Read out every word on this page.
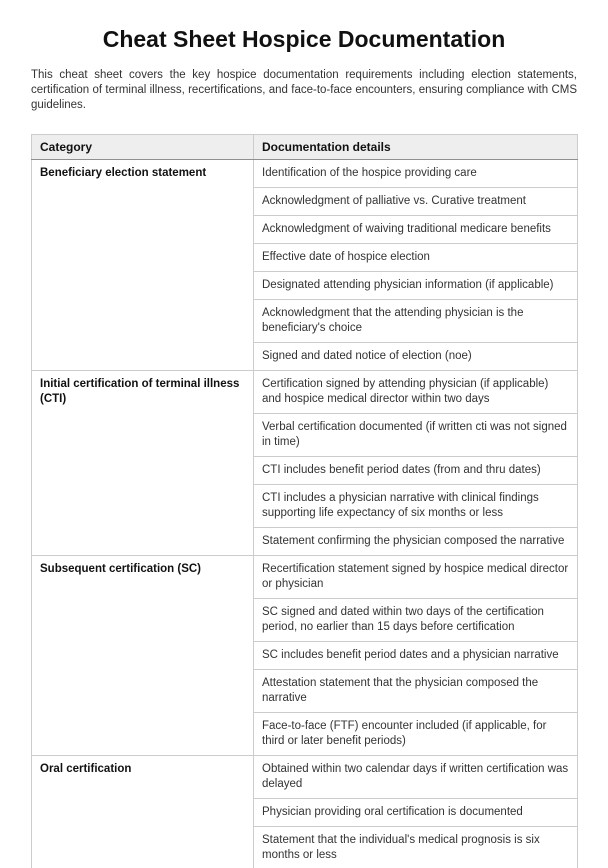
Cheat Sheet Hospice Documentation

This cheat sheet covers the key hospice documentation requirements including election statements, certification of terminal illness, recertifications, and face-to-face encounters, ensuring compliance with CMS guidelines.

Category	Documentation details
Beneficiary election statement	Identification of the hospice providing care
	Acknowledgment of palliative vs. Curative treatment
	Acknowledgment of waiving traditional medicare benefits
	Effective date of hospice election
	Designated attending physician information (if applicable)
	Acknowledgment that the attending physician is the beneficiary's choice
	Signed and dated notice of election (noe)
Initial certification of terminal illness (CTI)	Certification signed by attending physician (if applicable) and hospice medical director within two days
	Verbal certification documented (if written cti was not signed in time)
	CTI includes benefit period dates (from and thru dates)
	CTI includes a physician narrative with clinical findings supporting life expectancy of six months or less
	Statement confirming the physician composed the narrative
Subsequent certification (SC)	Recertification statement signed by hospice medical director or physician
	SC signed and dated within two days of the certification period, no earlier than 15 days before certification
	SC includes benefit period dates and a physician narrative
	Attestation statement that the physician composed the narrative
	Face-to-face (FTF) encounter included (if applicable, for third or later benefit periods)
Oral certification	Obtained within two calendar days if written certification was delayed
	Physician providing oral certification is documented
	Statement that the individual's medical prognosis is six months or less
